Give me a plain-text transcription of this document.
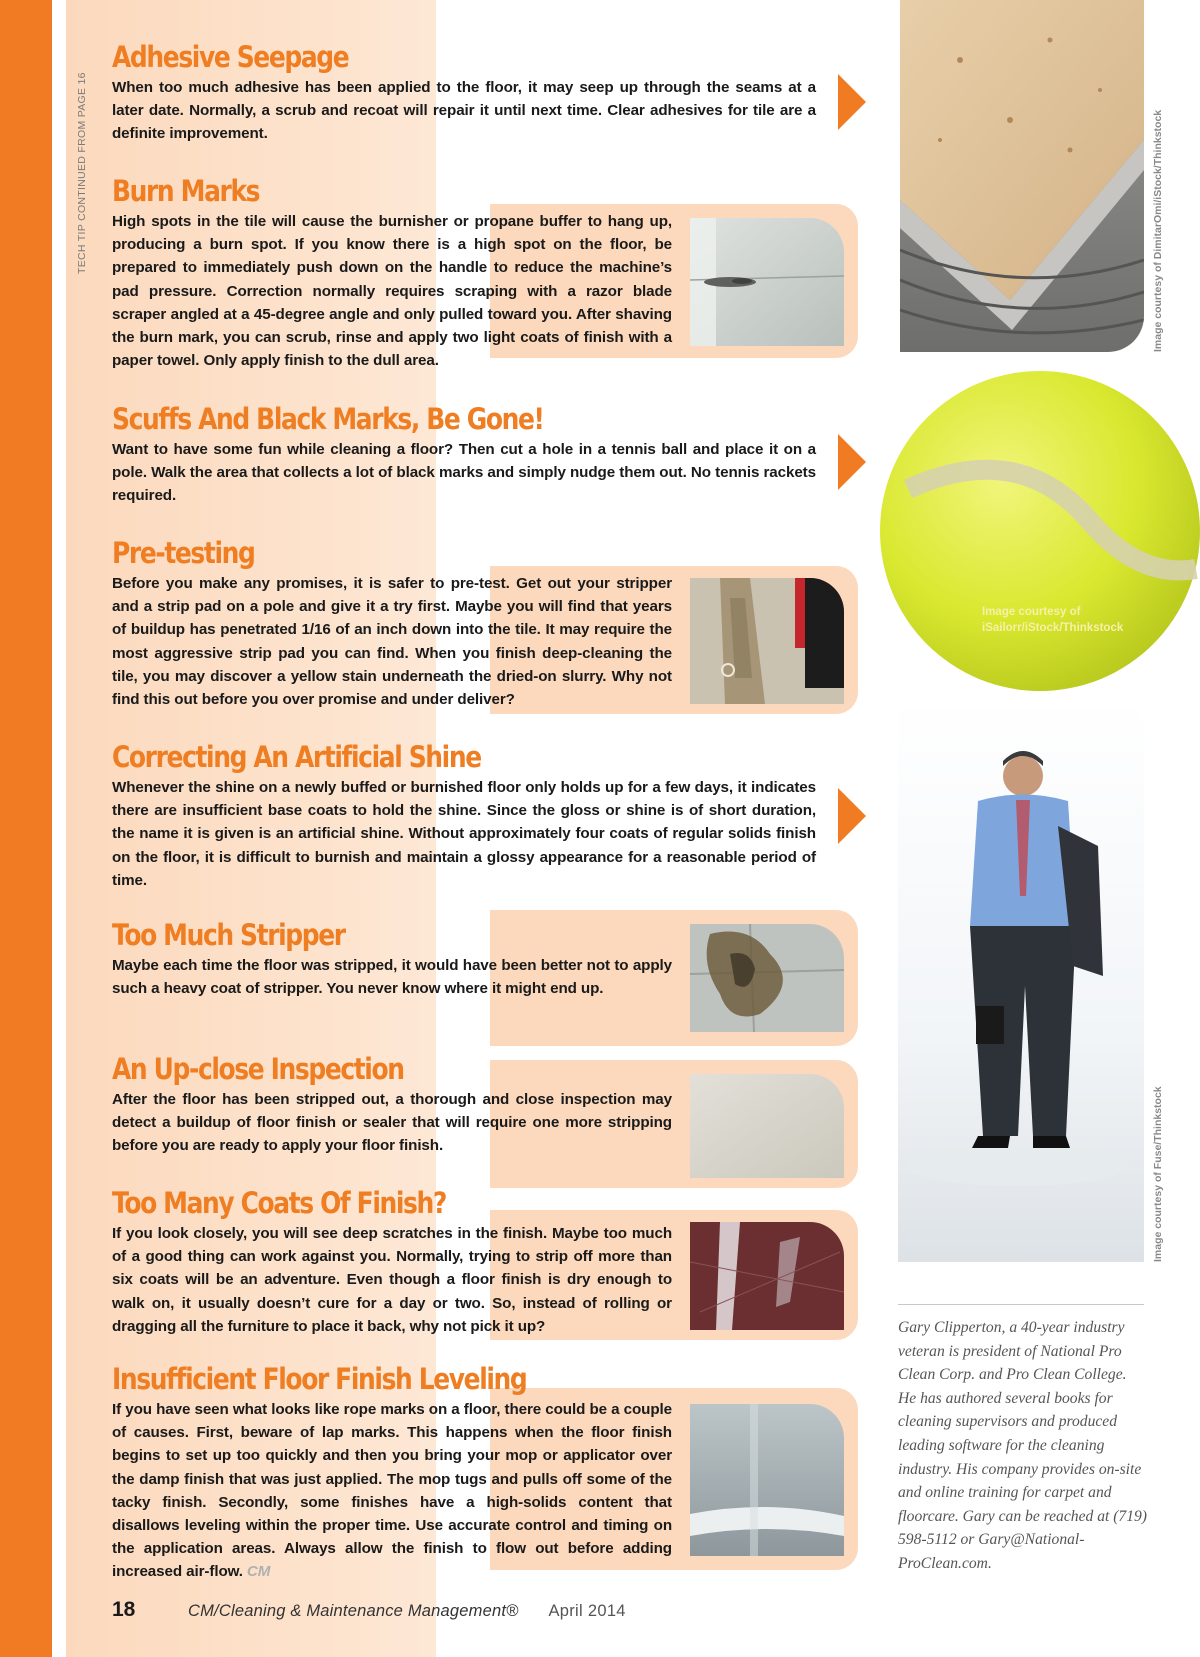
TECH TIP CONTINUED FROM PAGE 16
Adhesive Seepage

When too much adhesive has been applied to the floor, it may seep up through the seams at a later date. Normally, a scrub and recoat will repair it until next time. Clear adhesives for tile are a definite improvement.

Burn Marks

High spots in the tile will cause the burnisher or propane buffer to hang up, producing a burn spot. If you know there is a high spot on the floor, be prepared to immediately push down on the handle to reduce the machine’s pad pressure. Correction normally requires scraping with a razor blade scraper angled at a 45-degree angle and only pulled toward you. After shaving the burn mark, you can scrub, rinse and apply two light coats of finish with a paper towel. Only apply finish to the dull area.

Scuffs And Black Marks, Be Gone!

Want to have some fun while cleaning a floor? Then cut a hole in a tennis ball and place it on a pole. Walk the area that collects a lot of black marks and simply nudge them out. No tennis rackets required.

Pre-testing

Before you make any promises, it is safer to pre-test. Get out your stripper and a strip pad on a pole and give it a try first. Maybe you will find that years of buildup has penetrated 1/16 of an inch down into the tile. It may require the most aggressive strip pad you can find. When you finish deep-cleaning the tile, you may discover a yellow stain underneath the dried-on slurry. Why not find this out before you over promise and under deliver?

Correcting An Artificial Shine

Whenever the shine on a newly buffed or burnished floor only holds up for a few days, it indicates there are insufficient base coats to hold the shine. Since the gloss or shine is of short duration, the name it is given is an artificial shine. Without approximately four coats of regular solids finish on the floor, it is difficult to burnish and maintain a glossy appearance for a reasonable period of time.

Too Much Stripper

Maybe each time the floor was stripped, it would have been better not to apply such a heavy coat of stripper. You never know where it might end up.

An Up-close Inspection

After the floor has been stripped out, a thorough and close inspection may detect a buildup of floor finish or sealer that will require one more stripping before you are ready to apply your floor finish.

Too Many Coats Of Finish?

If you look closely, you will see deep scratches in the finish. Maybe too much of a good thing can work against you. Normally, trying to strip off more than six coats will be an adventure. Even though a floor finish is dry enough to walk on, it usually doesn’t cure for a day or two. So, instead of rolling or dragging all the furniture to place it back, why not pick it up?

Insufficient Floor Finish Leveling

If you have seen what looks like rope marks on a floor, there could be a couple of causes. First, beware of lap marks. This happens when the floor finish begins to set up too quickly and then you bring your mop or applicator over the damp finish that was just applied. The mop tugs and pulls off some of the tacky finish. Secondly, some finishes have a high-solids content that disallows leveling within the proper time. Use accurate control and timing on the application areas. Always allow the finish to flow out before adding increased air-flow. CM

Image courtesy of DimitarOmi/iStock/Thinkstock
Image courtesy of
iSailorr/iStock/Thinkstock
Image courtesy of Fuse/Thinkstock
Gary Clipperton, a 40-year industry veteran is president of National Pro Clean Corp. and Pro Clean College. He has authored several books for cleaning supervisors and produced leading software for the cleaning industry. His company provides on-site and online training for carpet and floorcare. Gary can be reached at (719) 598-5112 or Gary@National-ProClean.com.
18	CM/Cleaning & Maintenance Management® April 2014
